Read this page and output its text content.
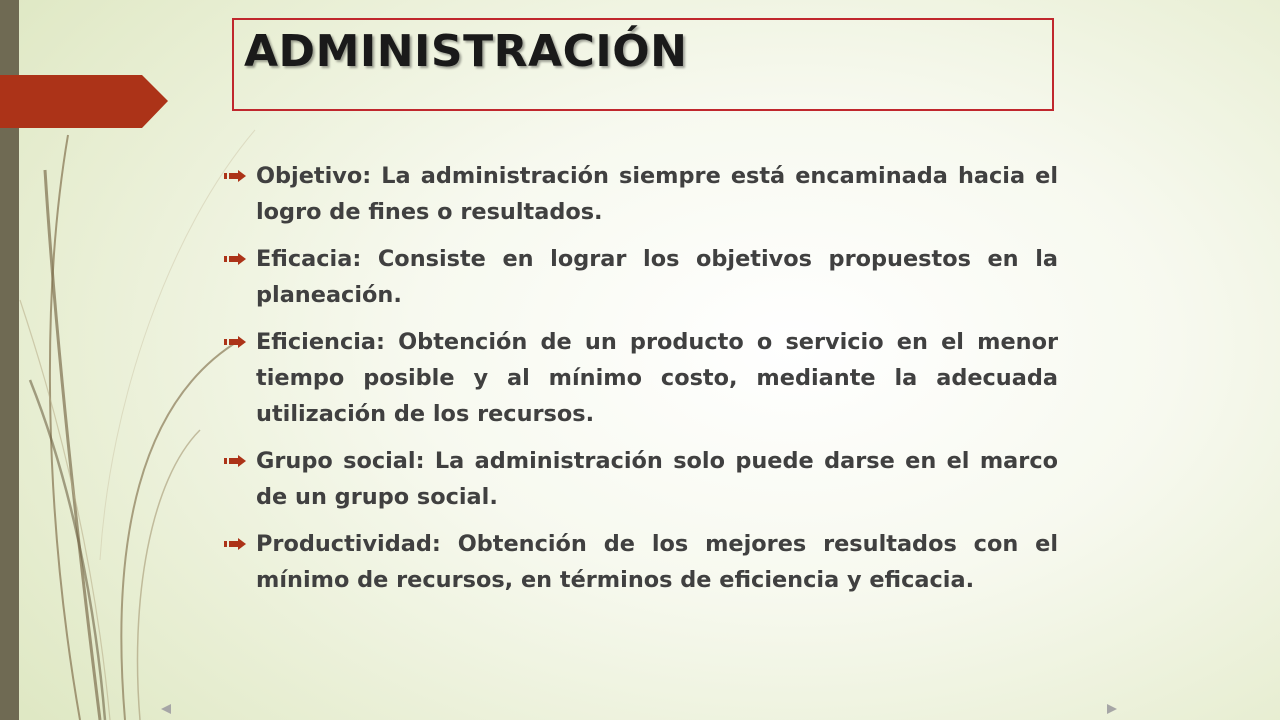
ADMINISTRACIÓN
Objetivo: La administración siempre está encaminada hacia el logro de fines o resultados.
Eficacia: Consiste en lograr los objetivos propuestos en la planeación.
Eficiencia: Obtención de un producto o servicio en el menor tiempo posible y al mínimo costo, mediante la adecuada utilización de los recursos.
Grupo social: La administración solo puede darse en el marco de un grupo social.
Productividad: Obtención de los mejores resultados con el mínimo de recursos, en términos de eficiencia y eficacia.
